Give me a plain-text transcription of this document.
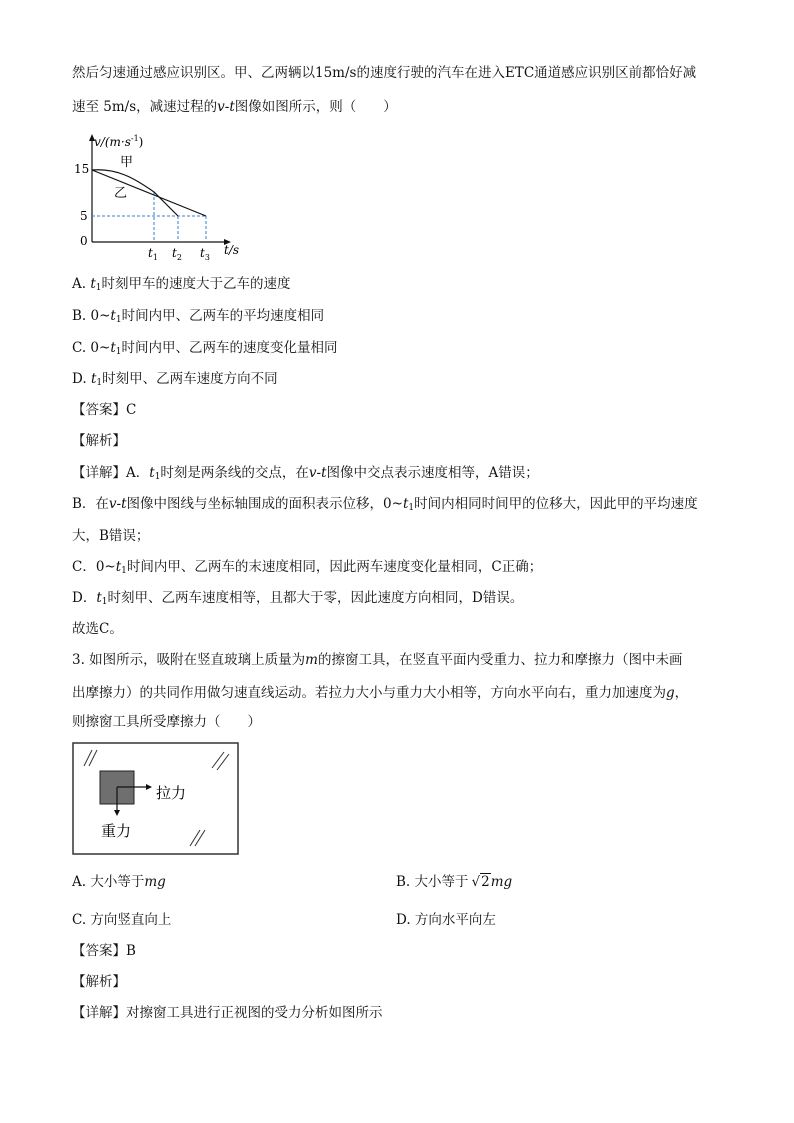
然后匀速通过感应识别区。甲、乙两辆以15m/s的速度行驶的汽车在进入ETC通道感应识别区前都恰好减
速至 5m/s，减速过程的v-t图像如图所示，则（　　）
$v/(m\cdot s^{-1})$
15
5
0
甲
乙
$t_1$ $t_2$ $t_3$
t/s
A. $t_1$时刻甲车的速度大于乙车的速度
B. $0\sim t_1$时间内甲、乙两车的平均速度相同
C. $0\sim t_1$时间内甲、乙两车的速度变化量相同
D. $t_1$时刻甲、乙两车速度方向不同
【答案】C
【解析】
【详解】A．$t_1$时刻是两条线的交点，在v-t图像中交点表示速度相等，A错误；
B．在v-t图像中图线与坐标轴围成的面积表示位移，$0\sim t_1$时间内相同时间甲的位移大，因此甲的平均速度
大，B错误；
C．$0\sim t_1$时间内甲、乙两车的末速度相同，因此两车速度变化量相同，C正确；
D．$t_1$时刻甲、乙两车速度相等，且都大于零，因此速度方向相同，D错误。
故选C。
3. 如图所示，吸附在竖直玻璃上质量为m的擦窗工具，在竖直平面内受重力、拉力和摩擦力（图中未画
出摩擦力）的共同作用做匀速直线运动。若拉力大小与重力大小相等，方向水平向右，重力加速度为g，
则擦窗工具所受摩擦力（　　）
拉力
重力
A. 大小等于mg	B. 大小等于 √2mg
C. 方向竖直向上	D. 方向水平向左
【答案】B
【解析】
【详解】对擦窗工具进行正视图的受力分析如图所示
